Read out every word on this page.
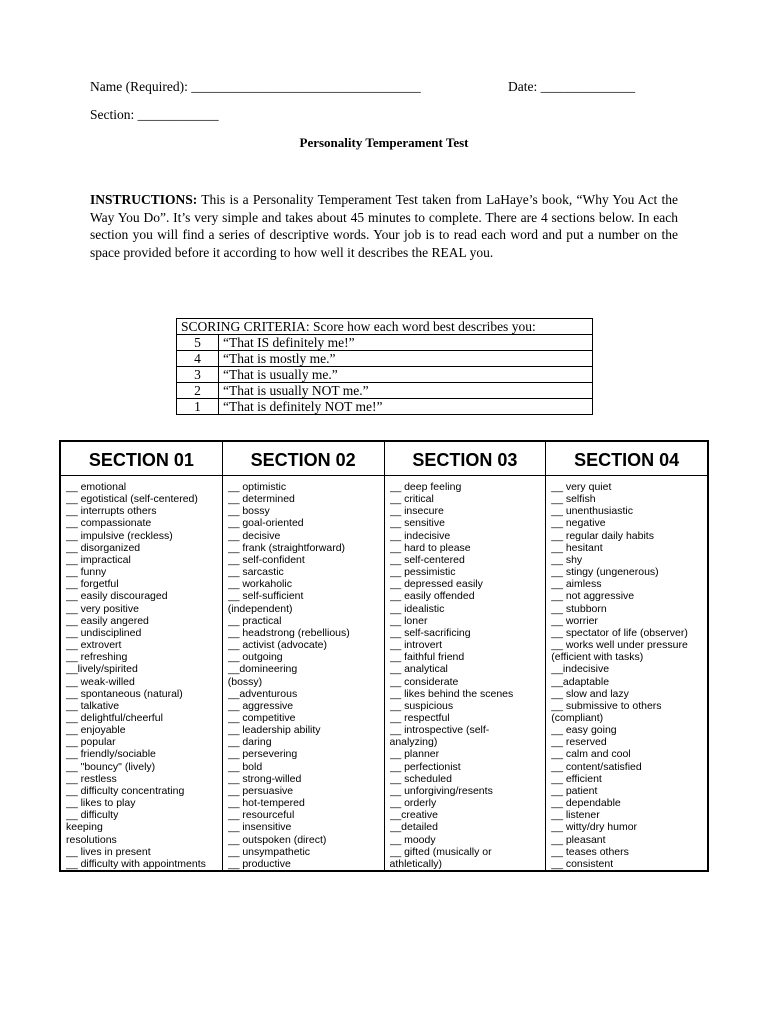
Name (Required): __________________________________	Date: ______________
Section: ____________
Personality Temperament Test
INSTRUCTIONS: This is a Personality Temperament Test taken from LaHaye’s book, “Why You Act the Way You Do”. It’s very simple and takes about 45 minutes to complete. There are 4 sections below. In each section you will find a series of descriptive words. Your job is to read each word and put a number on the space provided before it according to how well it describes the REAL you.
SCORING CRITERIA: Score how each word best describes you:	
5	“That IS definitely me!”
4	“That is mostly me.”
3	“That is usually me.”
2	“That is usually NOT me.”
1	“That is definitely NOT me!”
SECTION 01
__ emotional
__ egotistical (self-centered)
__ interrupts others
__ compassionate
__ impulsive (reckless)
__ disorganized
__ impractical
__ funny
__ forgetful
__ easily discouraged
__ very positive
__ easily angered
__ undisciplined
__ extrovert
__ refreshing
__lively/spirited
__ weak-willed
__ spontaneous (natural)
__ talkative
__ delightful/cheerful
__ enjoyable
__ popular
__ friendly/sociable
__ "bouncy" (lively)
__ restless
__ difficulty concentrating
__ likes to play
__ difficulty
keeping
resolutions
__ lives in present
__ difficulty with appointments
SECTION 02
__ optimistic
__ determined
__ bossy
__ goal-oriented
__ decisive
__ frank (straightforward)
__ self-confident
__ sarcastic
__ workaholic
__ self-sufficient
(independent)
__ practical
__ headstrong (rebellious)
__ activist (advocate)
__ outgoing
__domineering
(bossy)
__adventurous
__ aggressive
__ competitive
__ leadership ability
__ daring
__ persevering
__ bold
__ strong-willed
__ persuasive
__ hot-tempered
__ resourceful
__ insensitive
__ outspoken (direct)
__ unsympathetic
__ productive
SECTION 03
__ deep feeling
__ critical
__ insecure
__ sensitive
__ indecisive
__ hard to please
__ self-centered
__ pessimistic
__ depressed easily
__ easily offended
__ idealistic
__ loner
__ self-sacrificing
__ introvert
__ faithful friend
__ analytical
__ considerate
__ likes behind the scenes
__ suspicious
__ respectful
__ introspective (self-
analyzing)
__ planner
__ perfectionist
__ scheduled
__ unforgiving/resents
__ orderly
__creative
__detailed
__ moody
__ gifted (musically or
athletically)
SECTION 04
__ very quiet
__ selfish
__ unenthusiastic
__ negative
__ regular daily habits
__ hesitant
__ shy
__ stingy (ungenerous)
__ aimless
__ not aggressive
__ stubborn
__ worrier
__ spectator of life (observer)
__ works well under pressure
(efficient with tasks)
__indecisive
__adaptable
__ slow and lazy
__ submissive to others
(compliant)
__ easy going
__ reserved
__ calm and cool
__ content/satisfied
__ efficient
__ patient
__ dependable
__ listener
__ witty/dry humor
__ pleasant
__ teases others
__ consistent
